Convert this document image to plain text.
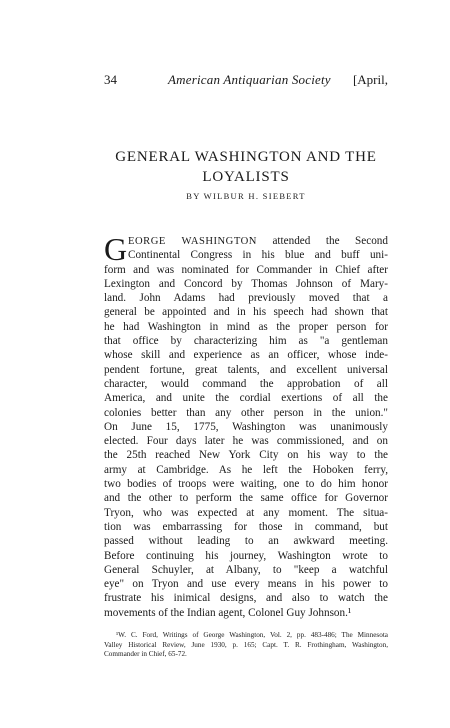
34	American Antiquarian Society [April,
GENERAL WASHINGTON AND THE
LOYALISTS
BY WILBUR H. SIEBERT
G EORGE WASHINGTON attended the Second
Continental Congress in his blue and buff uni-
form and was nominated for Commander in Chief after
Lexington and Concord by Thomas Johnson of Mary-
land. John Adams had previously moved that a
general be appointed and in his speech had shown that
he had Washington in mind as the proper person for
that office by characterizing him as "a gentleman
whose skill and experience as an officer, whose inde-
pendent fortune, great talents, and excellent universal
character, would command the approbation of all
America, and unite the cordial exertions of all the
colonies better than any other person in the union."
On June 15, 1775, Washington was unanimously
elected. Four days later he was commissioned, and on
the 25th reached New York City on his way to the
army at Cambridge. As he left the Hoboken ferry,
two bodies of troops were waiting, one to do him honor
and the other to perform the same office for Governor
Tryon, who was expected at any moment. The situa-
tion was embarrassing for those in command, but
passed without leading to an awkward meeting.
Before continuing his journey, Washington wrote to
General Schuyler, at Albany, to "keep a watchful
eye" on Tryon and use every means in his power to
frustrate his inimical designs, and also to watch the
movements of the Indian agent, Colonel Guy Johnson.¹
¹W. C. Ford, Writings of George Washington, Vol. 2, pp. 483-486; The Minnesota
Valley Historical Review, June 1930, p. 165; Capt. T. R. Frothingham, Washington,
Commander in Chief, 65-72.
